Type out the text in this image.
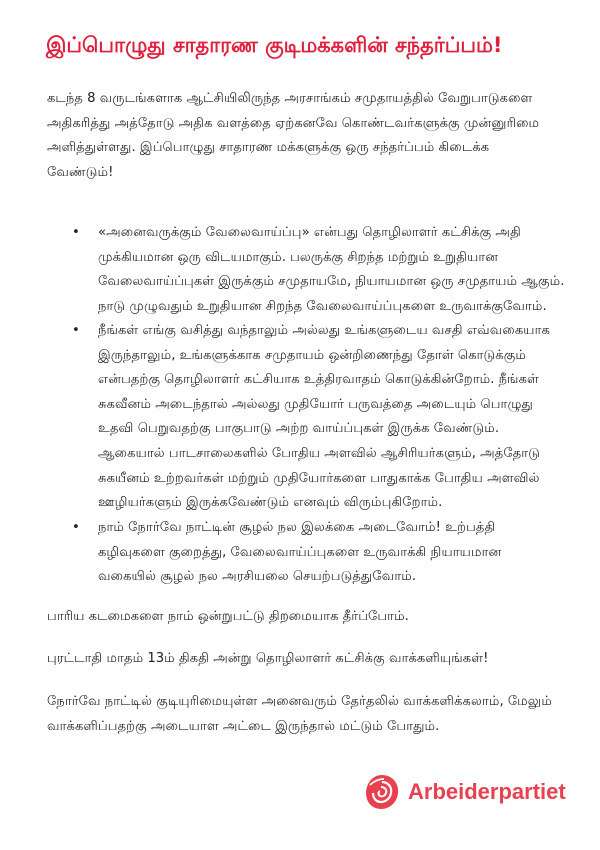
இப்பொழுது சாதாரண குடிமக்களின் சந்தர்ப்பம்!
கடந்த 8 வருடங்களாக ஆட்சியிலிருந்த அரசாங்கம் சமுதாயத்தில் வேறுபாடுகளை
அதிகரித்து அத்தோடு அதிக வளத்தை ஏற்கனவே கொண்டவர்களுக்கு முன்னுரிமை
அளித்துள்ளது. இப்பொழுது சாதாரண மக்களுக்கு ஒரு சந்தர்ப்பம் கிடைக்க
வேண்டும்!
• «அனைவருக்கும் வேலைவாய்ப்பு» என்பது தொழிலாளர் கட்சிக்கு அதி
முக்கியமான ஒரு விடயமாகும். பலருக்கு சிறந்த மற்றும் உறுதியான
வேலைவாய்ப்புகள் இருக்கும் சமுதாயமே, நியாயமான ஒரு சமுதாயம் ஆகும்.
நாடு முழுவதும் உறுதியான சிறந்த வேலைவாய்ப்புகளை உருவாக்குவோம்.
• நீங்கள் எங்கு வசித்து வந்தாலும் அல்லது உங்களுடைய வசதி எவ்வகையாக
இருந்தாலும், உங்களுக்காக சமுதாயம் ஒன்றிணைந்து தோள் கொடுக்கும்
என்பதற்கு தொழிலாளர் கட்சியாக உத்திரவாதம் கொடுக்கின்றோம். நீங்கள்
சுகவீனம் அடைந்தால் அல்லது முதியோர் பருவத்தை அடையும் பொழுது
உதவி பெறுவதற்கு பாகுபாடு அற்ற வாய்ப்புகள் இருக்க வேண்டும்.
ஆகையால் பாடசாலைகளில் போதிய அளவில் ஆசிரியர்களும், அத்தோடு
சுகயீனம் உற்றவர்கள் மற்றும் முதியோர்களை பாதுகாக்க போதிய அளவில்
ஊழியர்களும் இருக்கவேண்டும் எனவும் விரும்புகிறோம்.
• நாம் நோர்வே நாட்டின் சூழல் நல இலக்கை அடைவோம்! உற்பத்தி
கழிவுகளை குறைத்து, வேலைவாய்ப்புகளை உருவாக்கி நியாயமான
வகையில் சூழல் நல அரசியலை செயற்படுத்துவோம்.
பாரிய கடமைகளை நாம் ஒன்றுபட்டு திறமையாக தீர்ப்போம்.
புரட்டாதி மாதம் 13ம் திகதி அன்று தொழிலாளர் கட்சிக்கு வாக்களியுங்கள்!
நோர்வே நாட்டில் குடியுரிமையுள்ள அனைவரும் தேர்தலில் வாக்களிக்கலாம், மேலும்
வாக்களிப்பதற்கு அடையாள அட்டை இருந்தால் மட்டும் போதும்.
Arbeiderpartiet
